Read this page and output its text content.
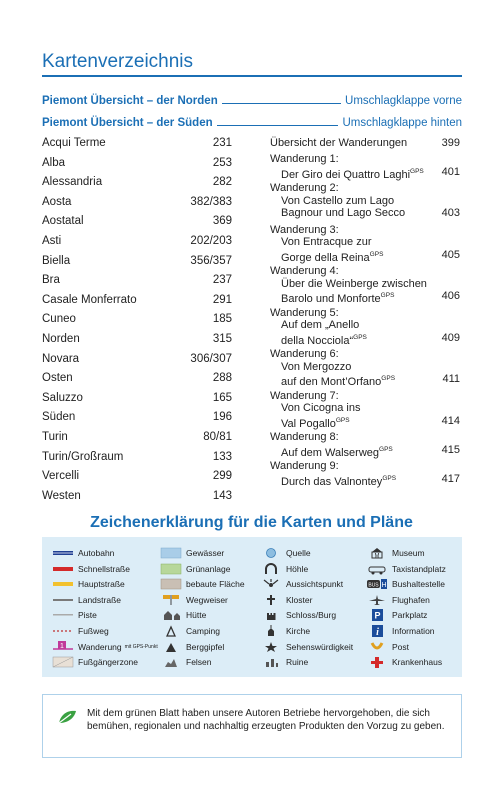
Kartenverzeichnis
Piemont Übersicht – der Norden	Umschlagklappe vorne
Piemont Übersicht – der Süden	Umschlagklappe hinten
Acqui Terme	231
Alba	253
Alessandria	282
Aosta	382/383
Aostatal	369
Asti	202/203
Biella	356/357
Bra	237
Casale Monferrato	291
Cuneo	185
Norden	315
Novara	306/307
Osten	288
Saluzzo	165
Süden	196
Turin	80/81
Turin/Großraum	133
Vercelli	299
Westen	143
Übersicht der Wanderungen	399
Wanderung 1:
Der Giro dei Quattro Laghi$^{GPS}$	401
Wanderung 2:
Von Castello zum Lago
Bagnour und Lago Secco	403
Wanderung 3:
Von Entracque zur
Gorge della Reina$^{GPS}$	405
Wanderung 4:
Über die Weinberge zwischen
Barolo und Monforte$^{GPS}$	406
Wanderung 5:
Auf dem „Anello
della Nocciola“$^{GPS}$	409
Wanderung 6:
Von Mergozzo
auf den Mont’Orfano$^{GPS}$	411
Wanderung 7:
Von Cicogna ins
Val Pogallo$^{GPS}$	414
Wanderung 8:
Auf dem Walserweg$^{GPS}$	415
Wanderung 9:
Durch das Valnontey$^{GPS}$	417
Zeichenerklärung für die Karten und Pläne
Autobahn
Schnellstraße
Hauptstraße
Landstraße
Piste
Fußweg
1 Wanderung mit GPS-Punkt
Fußgängerzone
Gewässer
Grünanlage
bebaute Fläche
Wegweiser
Hütte
Camping
Berggipfel
Felsen
Quelle
Höhle
Aussichtspunkt
Kloster
Schloss/Burg
Kirche
Sehenswürdigkeit
Ruine
M Museum
Taxistandplatz
BUS H Bushaltestelle
Flughafen
P Parkplatz
i Information
Post
Krankenhaus
Mit dem grünen Blatt haben unsere Autoren Betriebe hervorgehoben, die sich bemühen, regionalen und nachhaltig erzeugten Produkten den Vorzug zu geben.
